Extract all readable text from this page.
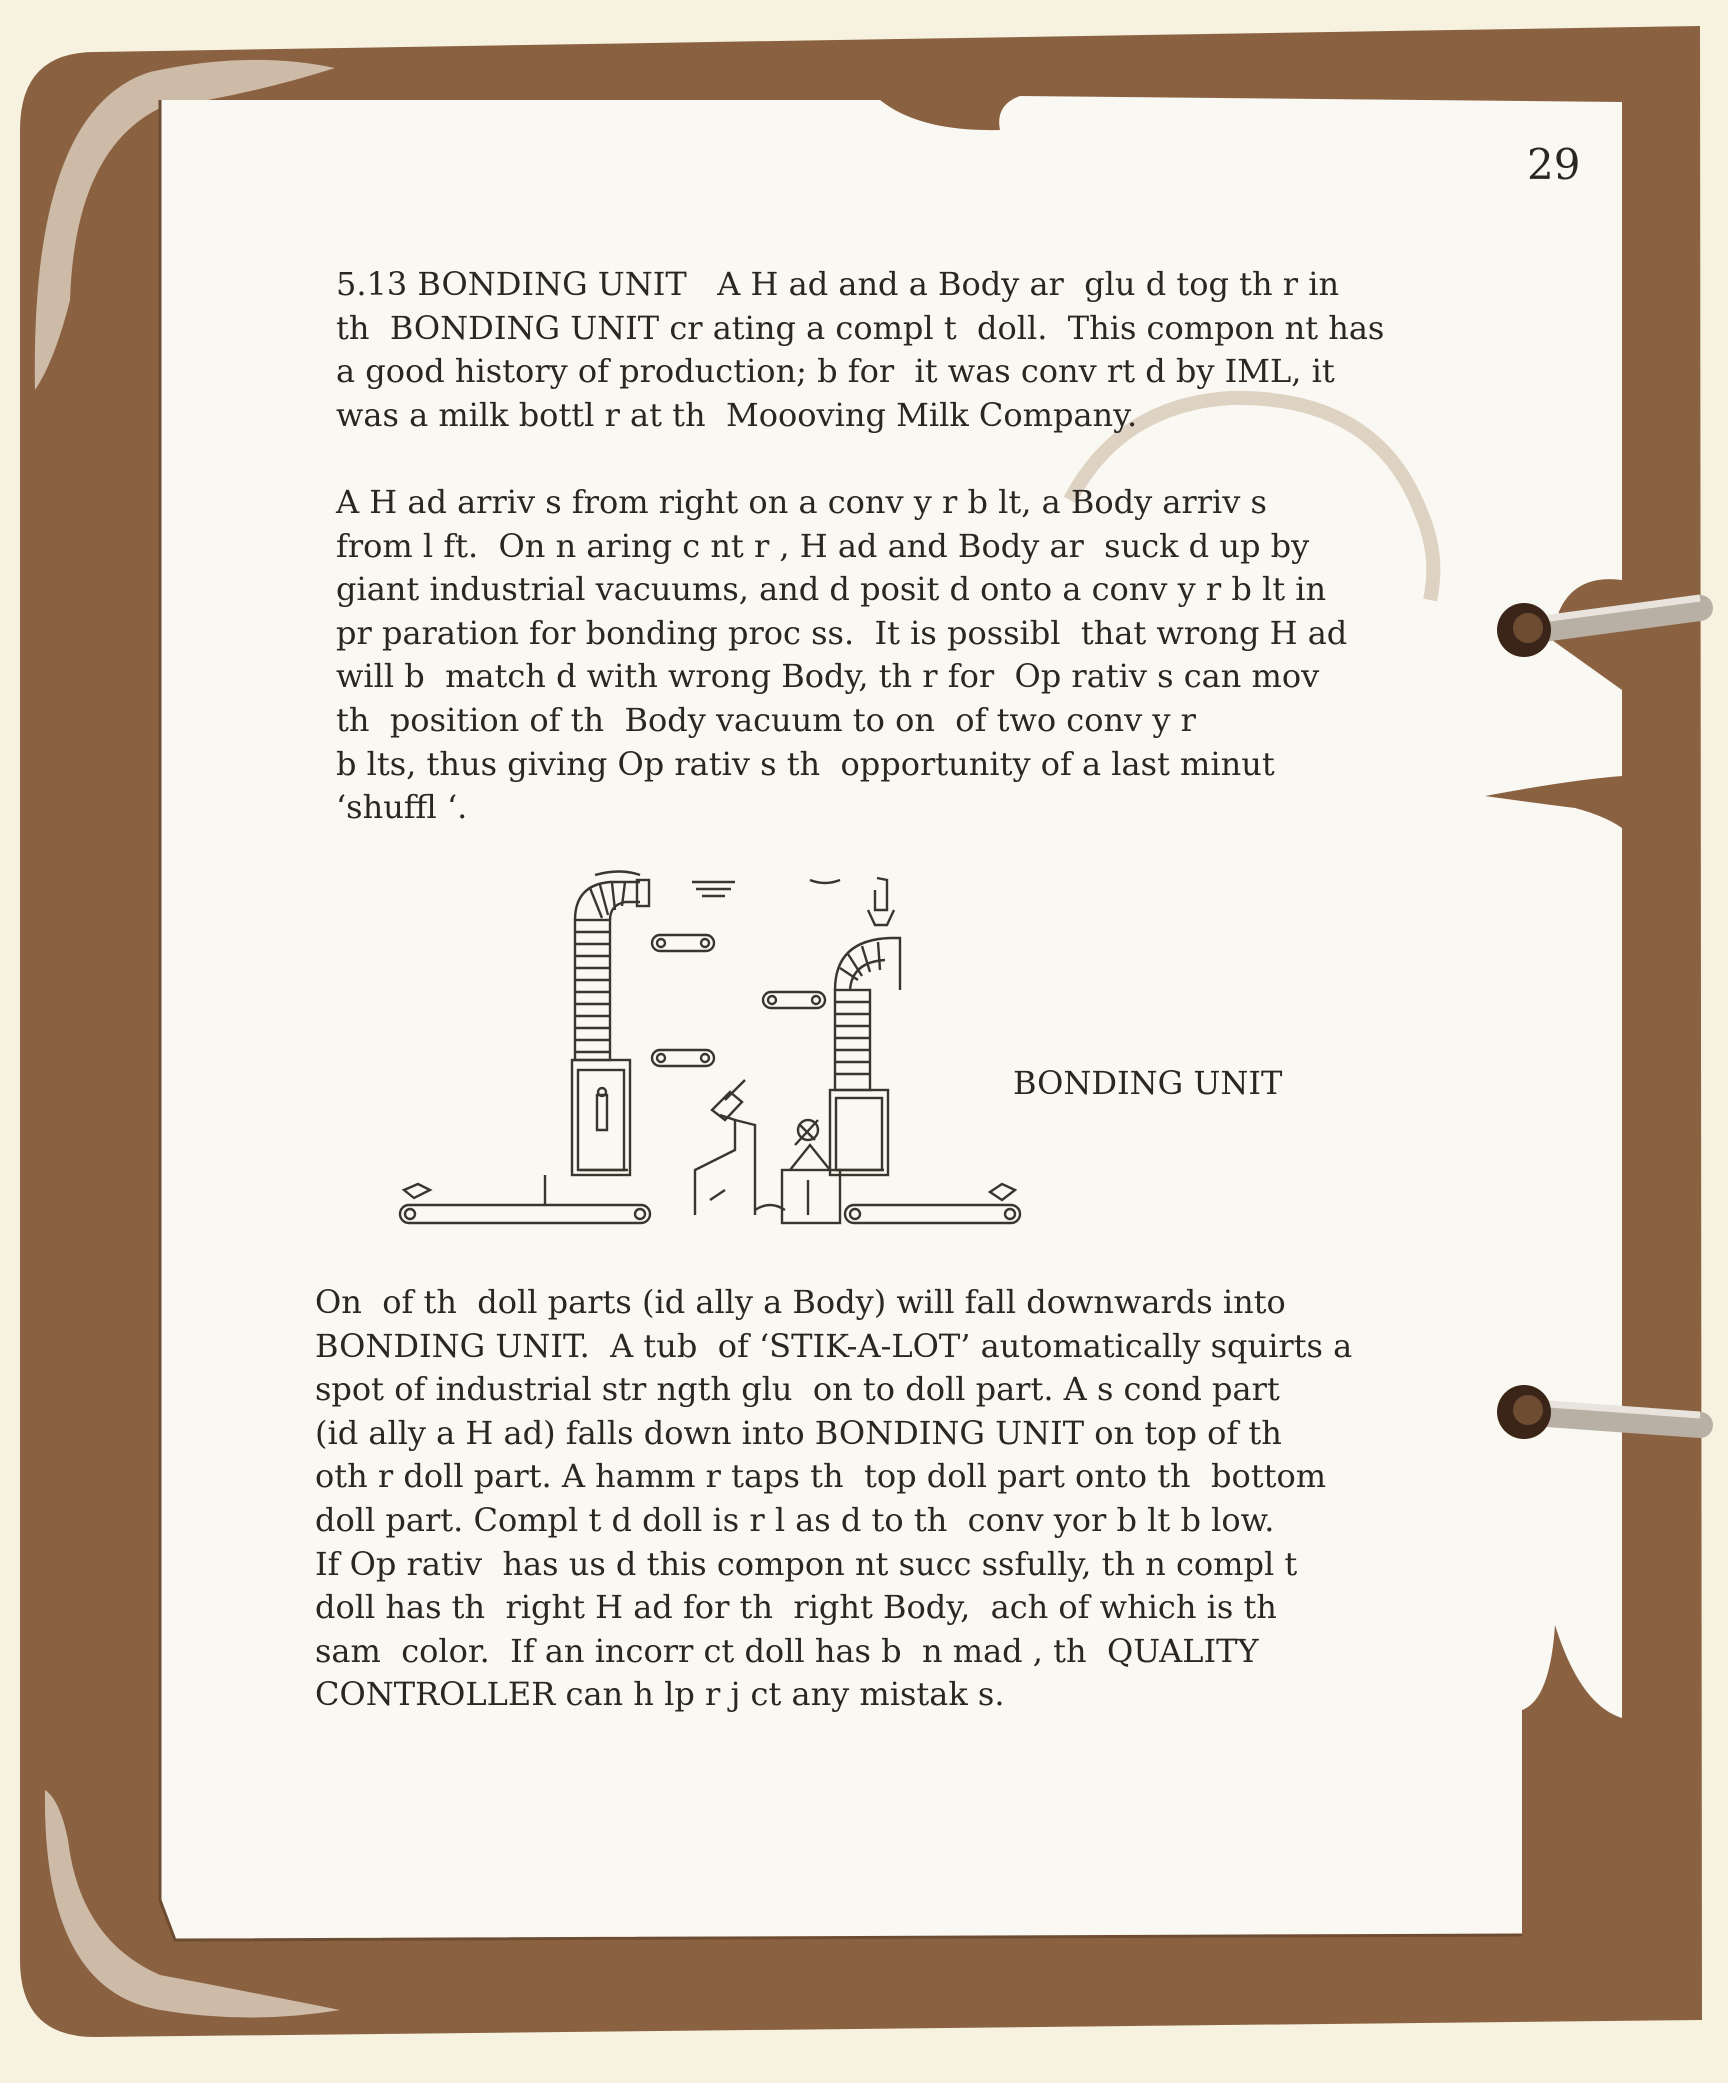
29

5.13 BONDING UNIT   A H ad and a Body ar  glu d tog th r in
th  BONDING UNIT cr ating a compl t  doll.  This compon nt has
a good history of production; b for  it was conv rt d by IML, it
was a milk bottl r at th  Moooving Milk Company.

A H ad arriv s from right on a conv y r b lt, a Body arriv s
from l ft.  On n aring c nt r , H ad and Body ar  suck d up by
giant industrial vacuums, and d posit d onto a conv y r b lt in
pr paration for bonding proc ss.  It is possibl  that wrong H ad
will b  match d with wrong Body, th r for  Op rativ s can mov
th  position of th  Body vacuum to on  of two conv y r
b lts, thus giving Op rativ s th  opportunity of a last minut
‘shuffl ‘.

BONDING UNIT

On  of th  doll parts (id ally a Body) will fall downwards into
BONDING UNIT.  A tub  of ‘STIK-A-LOT’ automatically squirts a
spot of industrial str ngth glu  on to doll part. A s cond part
(id ally a H ad) falls down into BONDING UNIT on top of th
oth r doll part. A hamm r taps th  top doll part onto th  bottom
doll part. Compl t d doll is r l as d to th  conv yor b lt b low.
If Op rativ  has us d this compon nt succ ssfully, th n compl t
doll has th  right H ad for th  right Body,  ach of which is th
sam  color.  If an incorr ct doll has b  n mad , th  QUALITY
CONTROLLER can h lp r j ct any mistak s.
